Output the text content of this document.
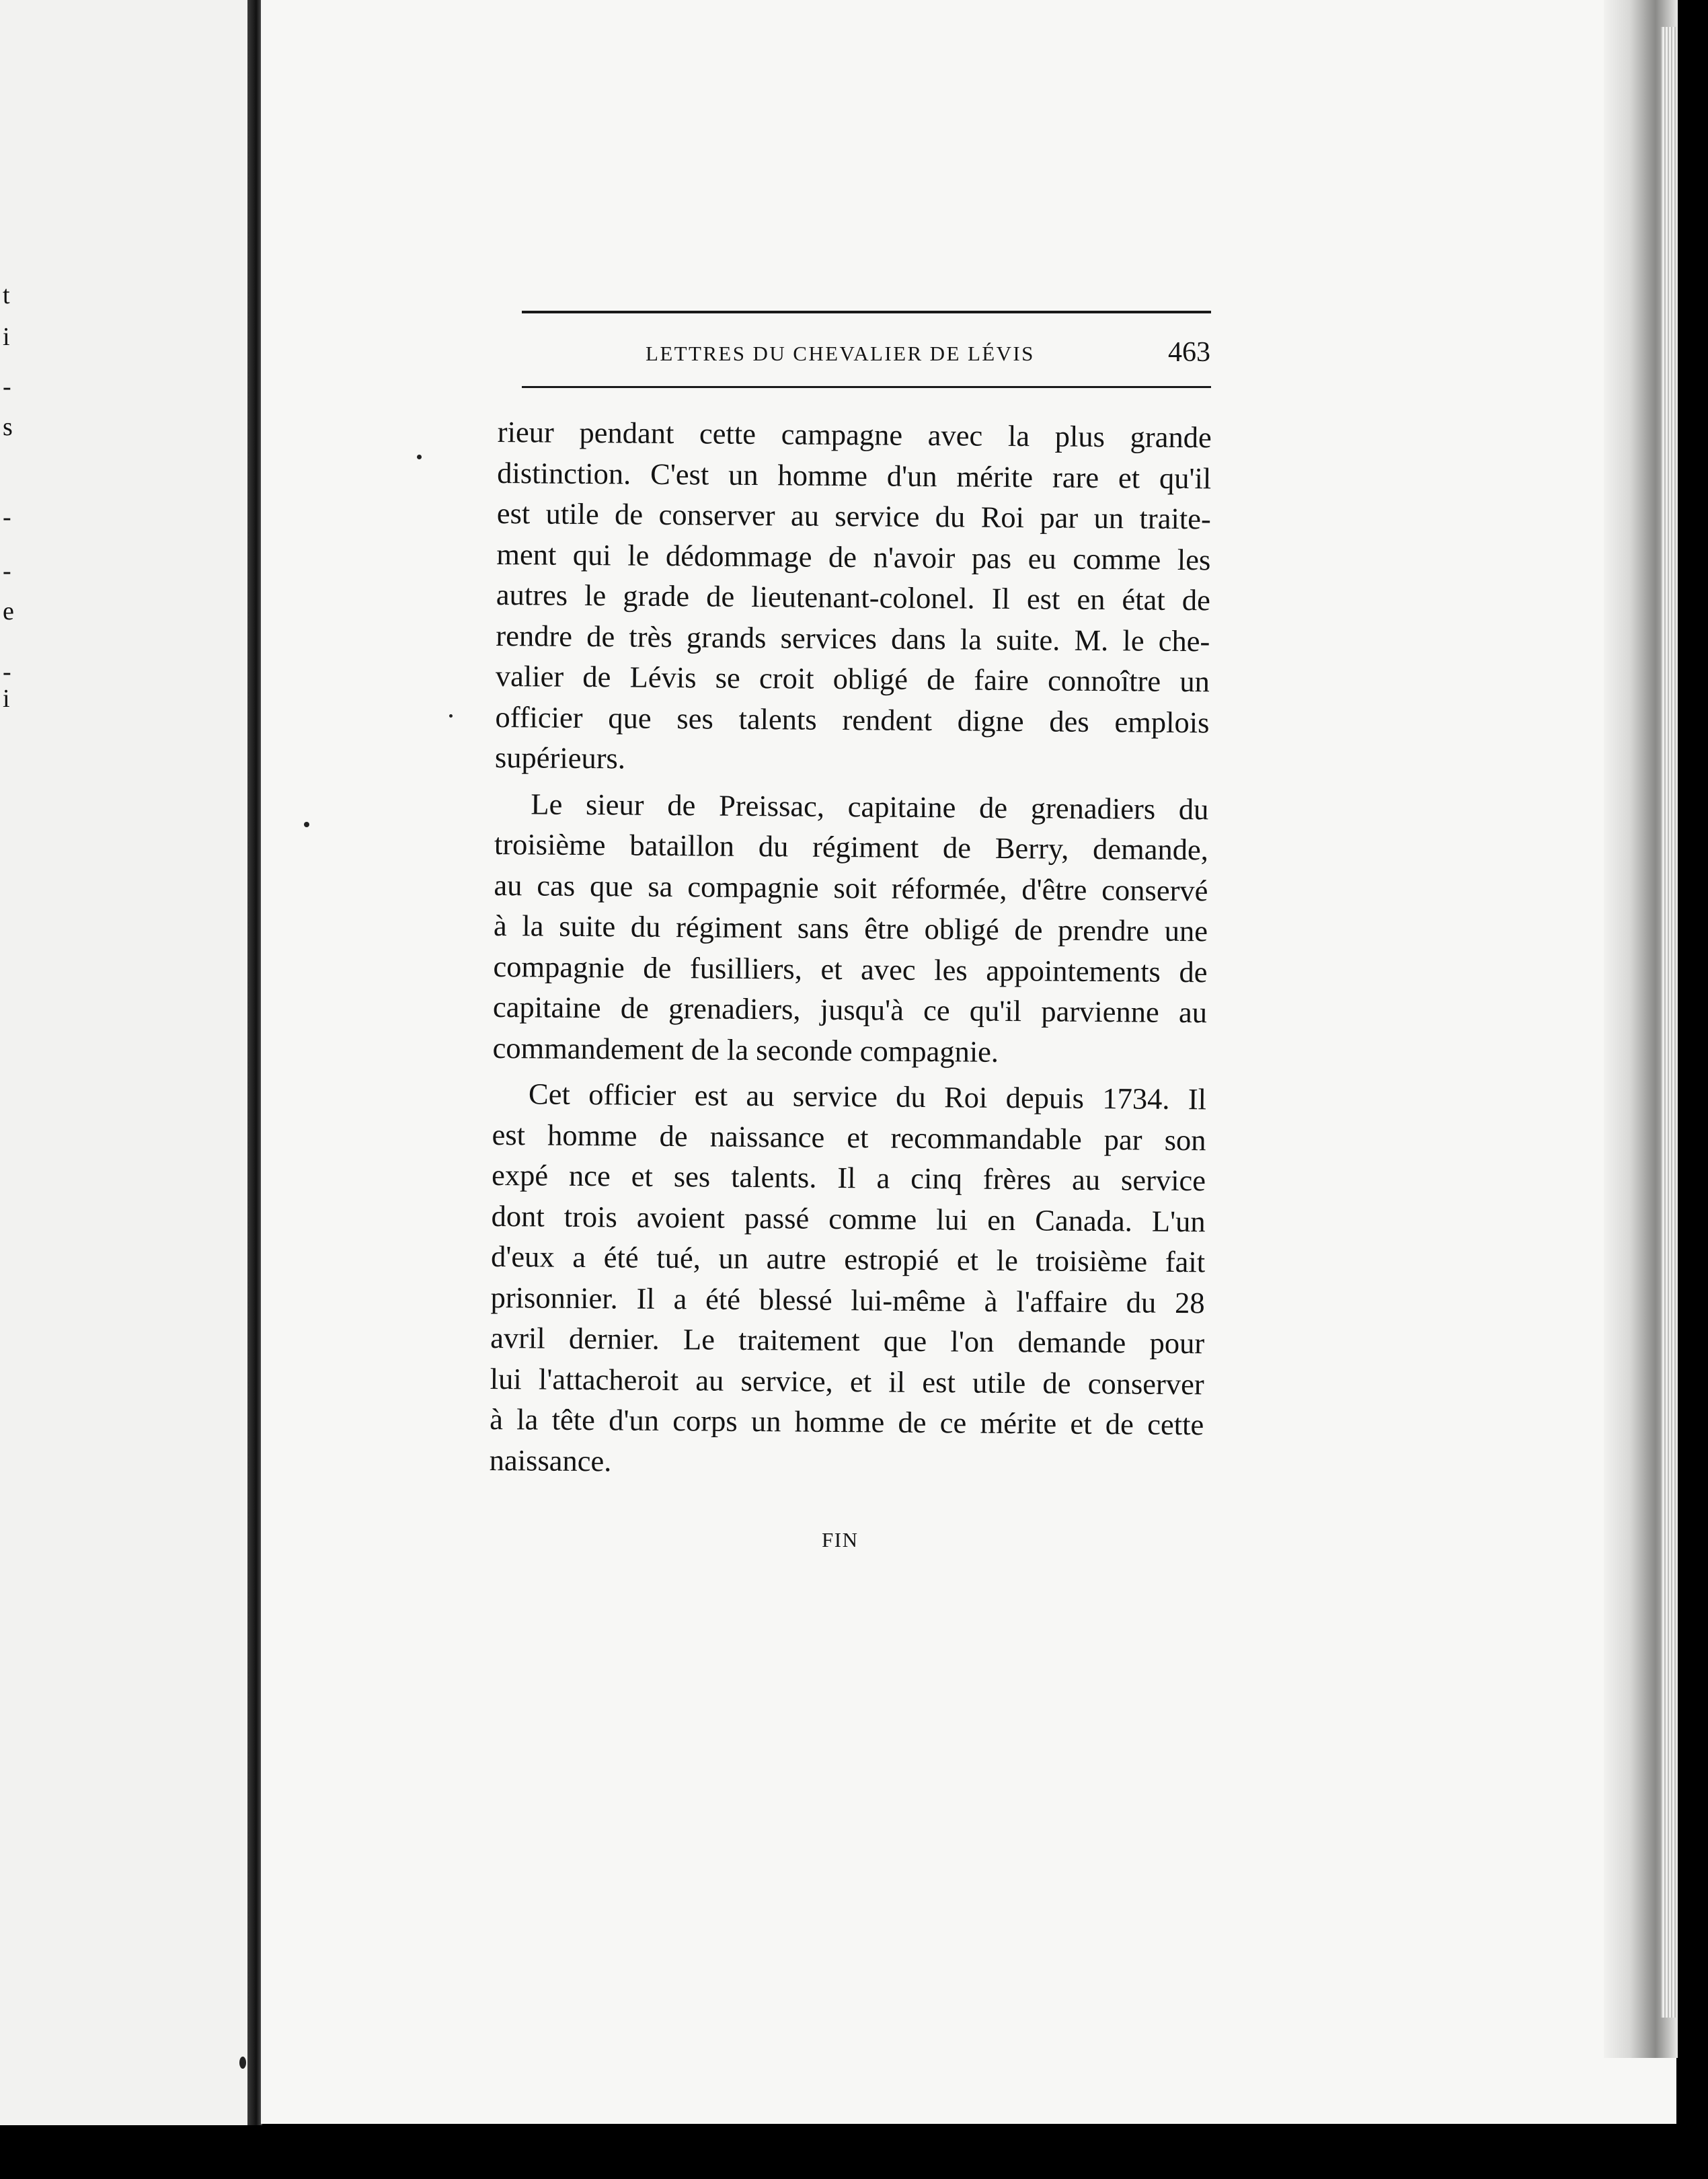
t
i
-
s
-
-
e
-
i
LETTRES DU CHEVALIER DE LÉVIS	463
rieur pendant cette campagne avec la plus grande
distinction. C'est un homme d'un mérite rare et qu'il
est utile de conserver au service du Roi par un traite-
ment qui le dédommage de n'avoir pas eu comme les
autres le grade de lieutenant-colonel. Il est en état de
rendre de très grands services dans la suite. M. le che-
valier de Lévis se croit obligé de faire connoître un
officier que ses talents rendent digne des emplois
supérieurs.
Le sieur de Preissac, capitaine de grenadiers du
troisième bataillon du régiment de Berry, demande,
au cas que sa compagnie soit réformée, d'être conservé
à la suite du régiment sans être obligé de prendre une
compagnie de fusilliers, et avec les appointements de
capitaine de grenadiers, jusqu'à ce qu'il parvienne au
commandement de la seconde compagnie.
Cet officier est au service du Roi depuis 1734. Il
est homme de naissance et recommandable par son
expé nce et ses talents. Il a cinq frères au service
dont trois avoient passé comme lui en Canada. L'un
d'eux a été tué, un autre estropié et le troisième fait
prisonnier. Il a été blessé lui-même à l'affaire du 28
avril dernier. Le traitement que l'on demande pour
lui l'attacheroit au service, et il est utile de conserver
à la tête d'un corps un homme de ce mérite et de cette
naissance.
FIN
